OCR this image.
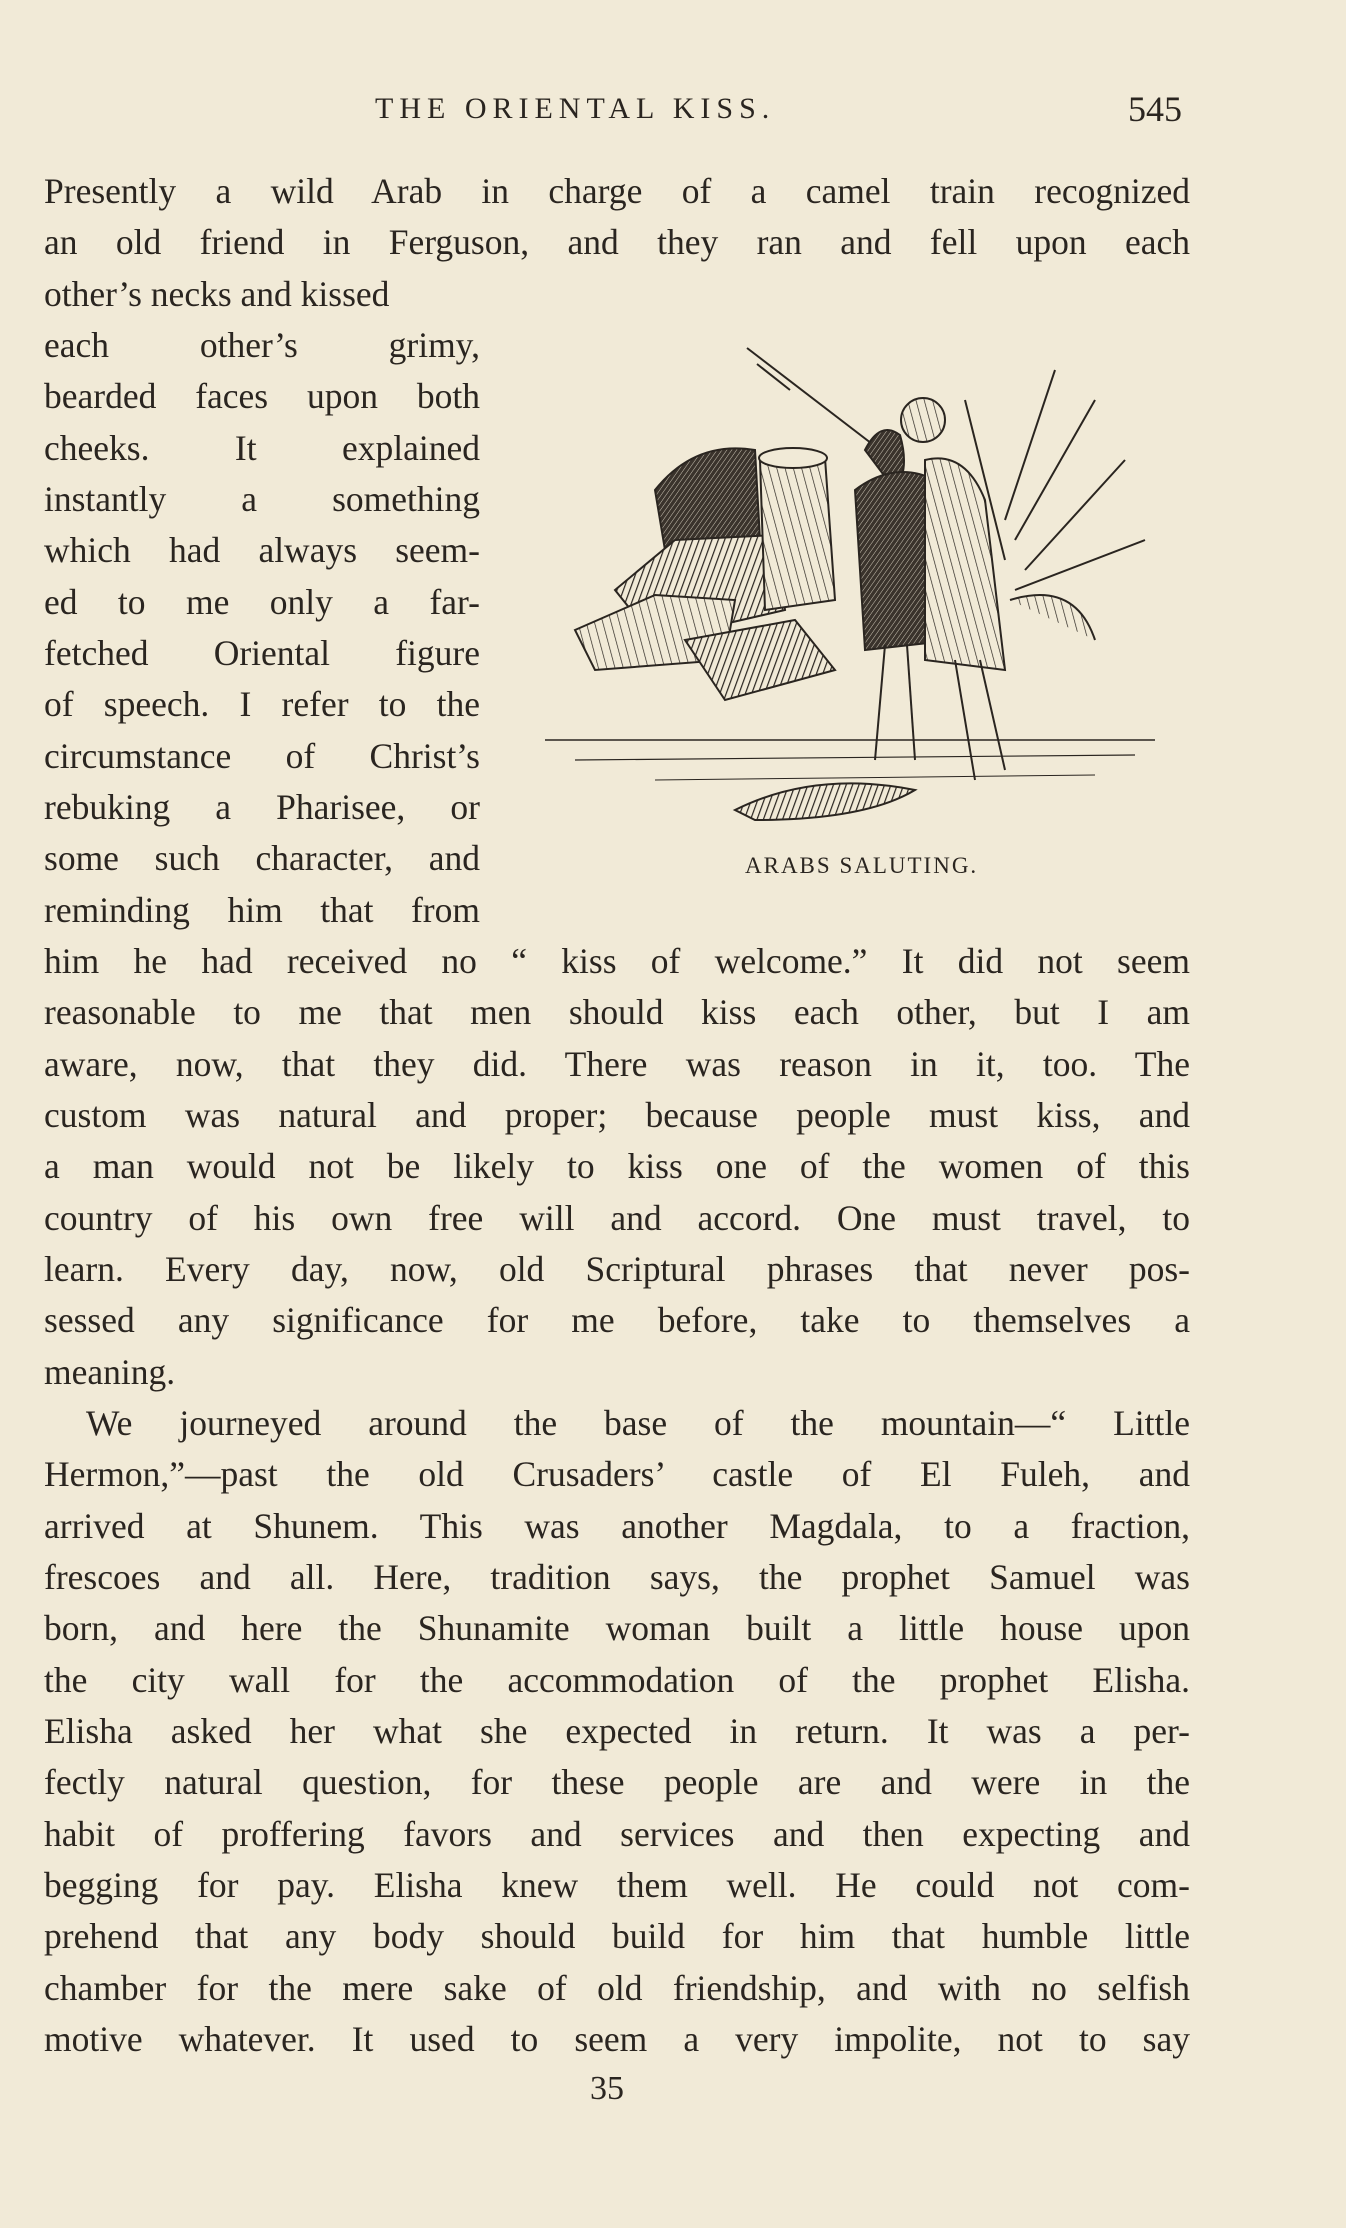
THE ORIENTAL KISS.	545
Presently a wild Arab in charge of a camel train recognized
an old friend in Ferguson, and they ran and fell upon each
other’s necks and kissed
each other’s grimy,
bearded faces upon both
cheeks. It explained
instantly a something
which had always seem-
ed to me only a far-
fetched Oriental figure
of speech. I refer to the
circumstance of Christ’s
rebuking a Pharisee, or
some such character, and
reminding him that from
him he had received no “ kiss of welcome.” It did not seem
reasonable to me that men should kiss each other, but I am
aware, now, that they did. There was reason in it, too. The
custom was natural and proper; because people must kiss, and
a man would not be likely to kiss one of the women of this
country of his own free will and accord. One must travel, to
learn. Every day, now, old Scriptural phrases that never pos-
sessed any significance for me before, take to themselves a
meaning.
We journeyed around the base of the mountain—“ Little
Hermon,”—past the old Crusaders’ castle of El Fuleh, and
arrived at Shunem. This was another Magdala, to a fraction,
frescoes and all. Here, tradition says, the prophet Samuel was
born, and here the Shunamite woman built a little house upon
the city wall for the accommodation of the prophet Elisha.
Elisha asked her what she expected in return. It was a per-
fectly natural question, for these people are and were in the
habit of proffering favors and services and then expecting and
begging for pay. Elisha knew them well. He could not com-
prehend that any body should build for him that humble little
chamber for the mere sake of old friendship, and with no selfish
motive whatever. It used to seem a very impolite, not to say
ARABS SALUTING.
35
